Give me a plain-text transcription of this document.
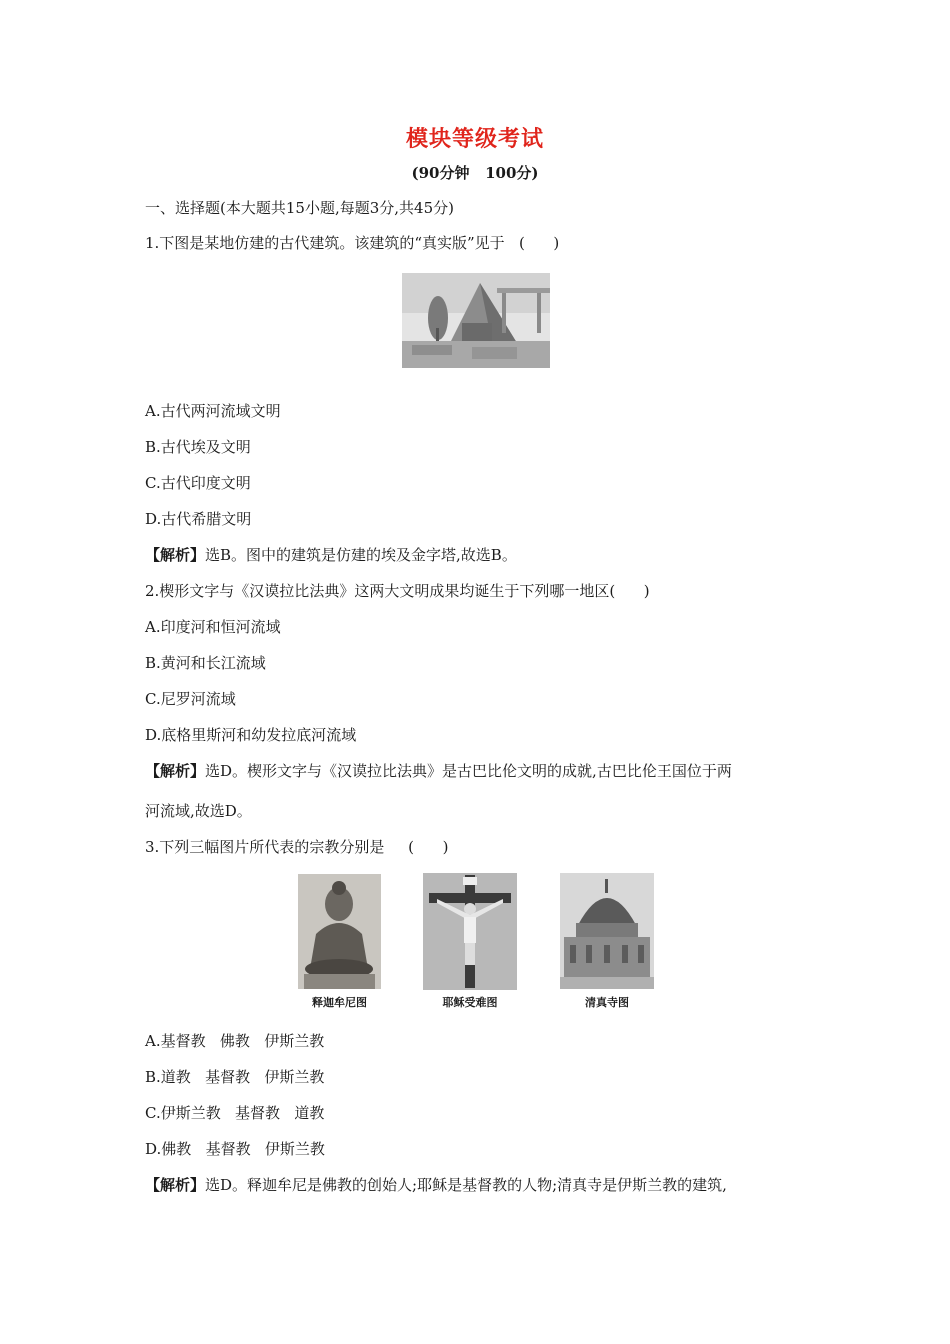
模块等级考试
(90分钟   100分)
一、选择题(本大题共15小题,每题3分,共45分)
1.下图是某地仿建的古代建筑。该建筑的“真实版”见于   (      )
A.古代两河流域文明
B.古代埃及文明
C.古代印度文明
D.古代希腊文明
【解析】选B。图中的建筑是仿建的埃及金字塔,故选B。
2.楔形文字与《汉谟拉比法典》这两大文明成果均诞生于下列哪一地区(      )
A.印度河和恒河流域
B.黄河和长江流域
C.尼罗河流域
D.底格里斯河和幼发拉底河流域
【解析】选D。楔形文字与《汉谟拉比法典》是古巴比伦文明的成就,古巴比伦王国位于两
河流域,故选D。
3.下列三幅图片所代表的宗教分别是     (      )
释迦牟尼图	耶稣受难图	清真寺图
A.基督教   佛教   伊斯兰教
B.道教   基督教   伊斯兰教
C.伊斯兰教   基督教   道教
D.佛教   基督教   伊斯兰教
【解析】选D。释迦牟尼是佛教的创始人;耶稣是基督教的人物;清真寺是伊斯兰教的建筑,
